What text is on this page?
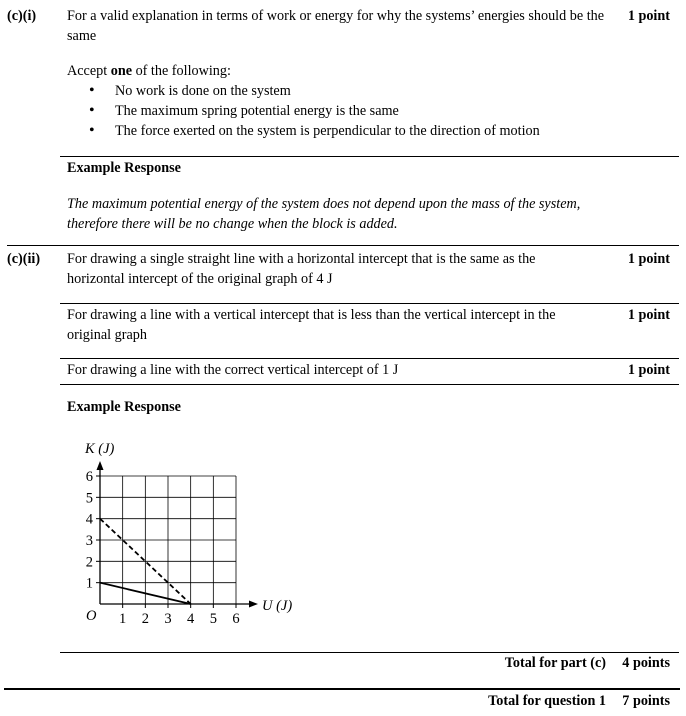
(c)(i) For a valid explanation in terms of work or energy for why the systems’ energies should be the same
1 point
Accept one of the following:
• No work is done on the system
• The maximum spring potential energy is the same
• The force exerted on the system is perpendicular to the direction of motion
Example Response
The maximum potential energy of the system does not depend upon the mass of the system, therefore there will be no change when the block is added.
(c)(ii) For drawing a single straight line with a horizontal intercept that is the same as the horizontal intercept of the original graph of 4 J
1 point
For drawing a line with a vertical intercept that is less than the vertical intercept in the original graph
1 point
For drawing a line with the correct vertical intercept of 1 J	1 point
Example Response
1 2 3 4 5 6
1
2
3
4
5
6
K (J)
U (J)
O
Total for part (c) 4 points
Total for question 1 7 points
